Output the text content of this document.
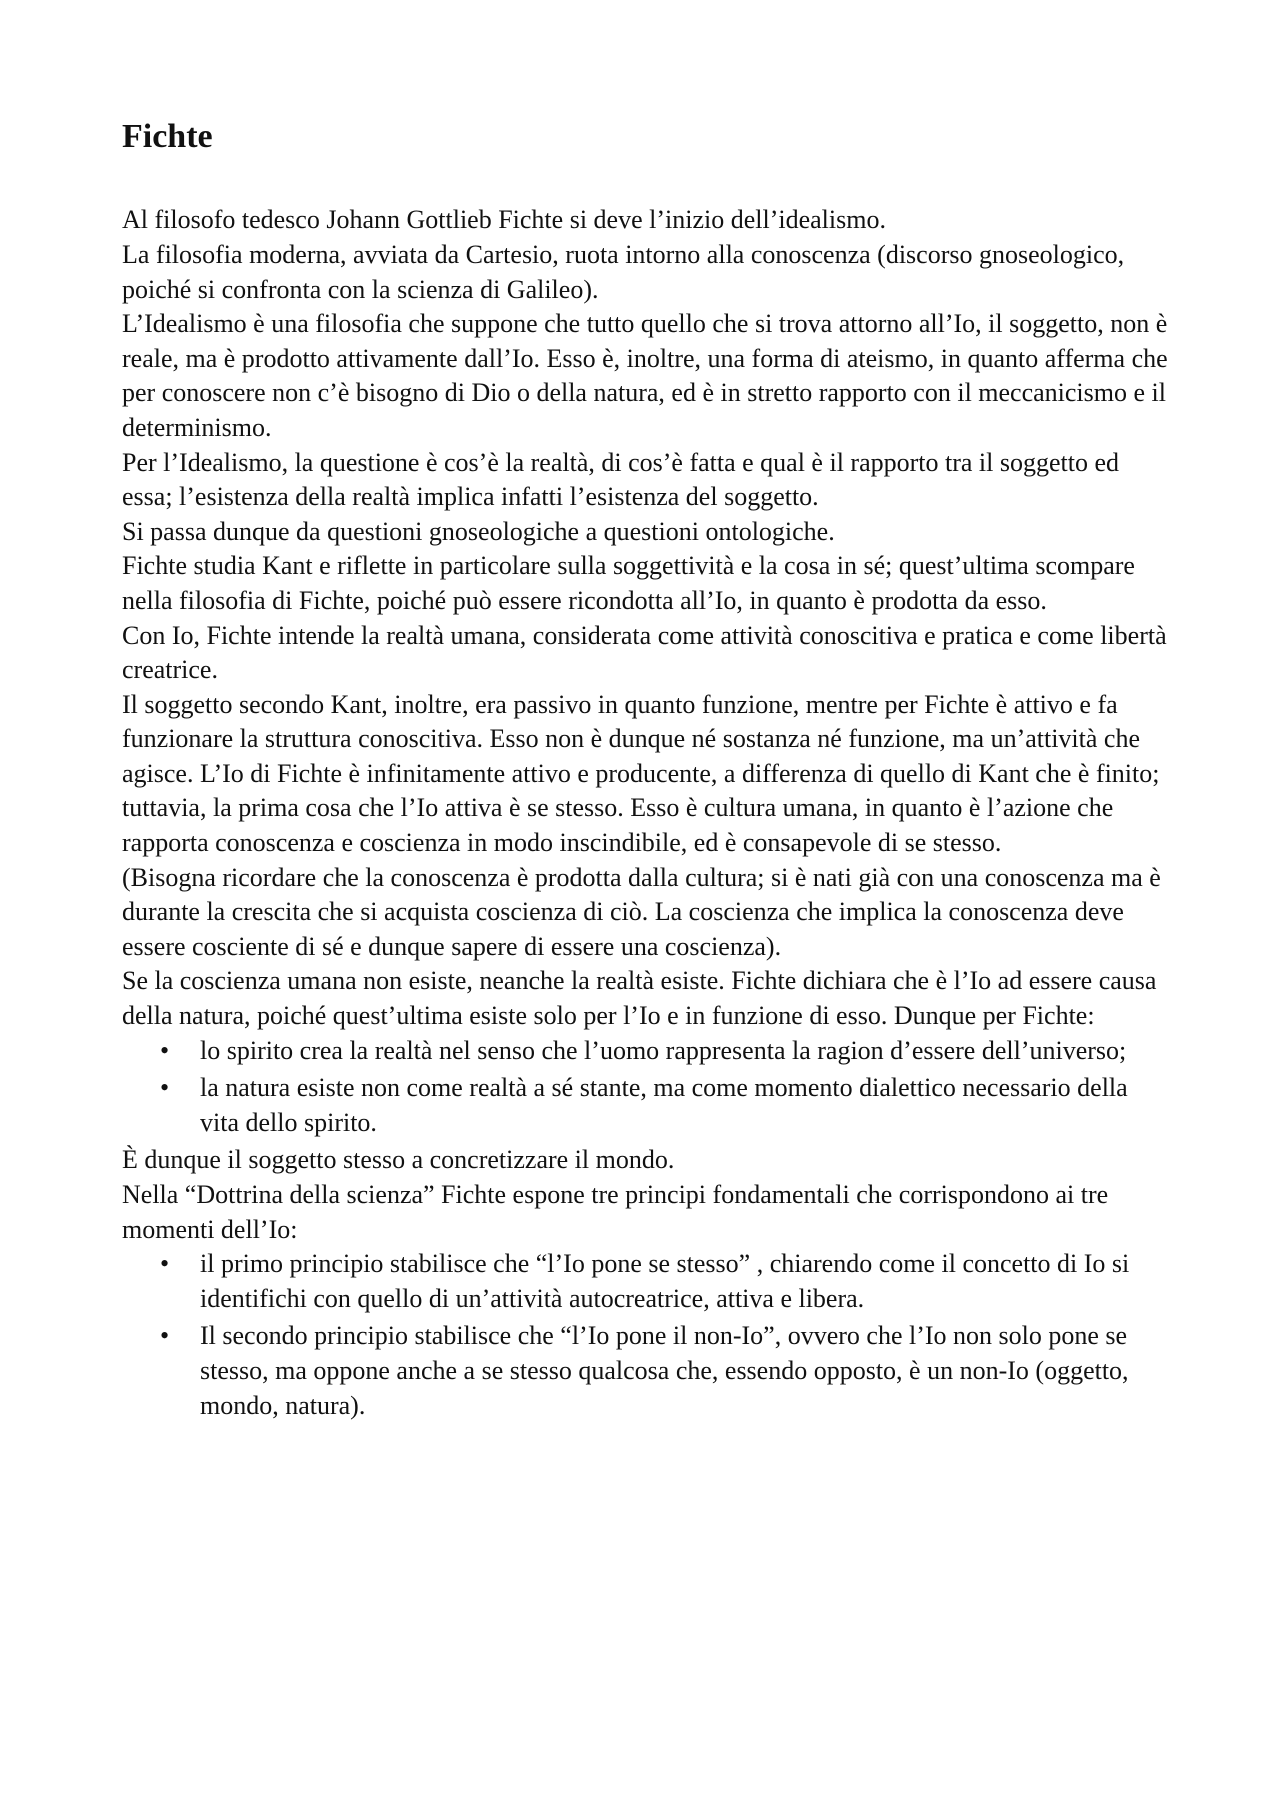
Fichte

Al filosofo tedesco Johann Gottlieb Fichte si deve l’inizio dell’idealismo.

La filosofia moderna, avviata da Cartesio, ruota intorno alla conoscenza (discorso gnoseologico, poiché si confronta con la scienza di Galileo).

L’Idealismo è una filosofia che suppone che tutto quello che si trova attorno all’Io, il soggetto, non è reale, ma è prodotto attivamente dall’Io. Esso è, inoltre, una forma di ateismo, in quanto afferma che per conoscere non c’è bisogno di Dio o della natura, ed è in stretto rapporto con il meccanicismo e il determinismo.

Per l’Idealismo, la questione è cos’è la realtà, di cos’è fatta e qual è il rapporto tra il soggetto ed essa; l’esistenza della realtà implica infatti l’esistenza del soggetto.

Si passa dunque da questioni gnoseologiche a questioni ontologiche.

Fichte studia Kant e riflette in particolare sulla soggettività e la cosa in sé; quest’ultima scompare nella filosofia di Fichte, poiché può essere ricondotta all’Io, in quanto è prodotta da esso.

Con Io, Fichte intende la realtà umana, considerata come attività conoscitiva e pratica e come libertà creatrice.

Il soggetto secondo Kant, inoltre, era passivo in quanto funzione, mentre per Fichte è attivo e fa funzionare la struttura conoscitiva. Esso non è dunque né sostanza né funzione, ma un’attività che agisce. L’Io di Fichte è infinitamente attivo e producente, a differenza di quello di Kant che è finito; tuttavia, la prima cosa che l’Io attiva è se stesso. Esso è cultura umana, in quanto è l’azione che rapporta conoscenza e coscienza in modo inscindibile, ed è consapevole di se stesso.

(Bisogna ricordare che la conoscenza è prodotta dalla cultura; si è nati già con una conoscenza ma è durante la crescita che si acquista coscienza di ciò. La coscienza che implica la conoscenza deve essere cosciente di sé e dunque sapere di essere una coscienza).

Se la coscienza umana non esiste, neanche la realtà esiste. Fichte dichiara che è l’Io ad essere causa della natura, poiché quest’ultima esiste solo per l’Io e in funzione di esso. Dunque per Fichte:

• lo spirito crea la realtà nel senso che l’uomo rappresenta la ragion d’essere dell’universo;
• la natura esiste non come realtà a sé stante, ma come momento dialettico necessario della vita dello spirito.

È dunque il soggetto stesso a concretizzare il mondo.

Nella “Dottrina della scienza” Fichte espone tre principi fondamentali che corrispondono ai tre momenti dell’Io:

• il primo principio stabilisce che “l’Io pone se stesso” , chiarendo come il concetto di Io si identifichi con quello di un’attività autocreatrice, attiva e libera.
• Il secondo principio stabilisce che “l’Io pone il non-Io”, ovvero che l’Io non solo pone se stesso, ma oppone anche a se stesso qualcosa che, essendo opposto, è un non-Io (oggetto, mondo, natura).
